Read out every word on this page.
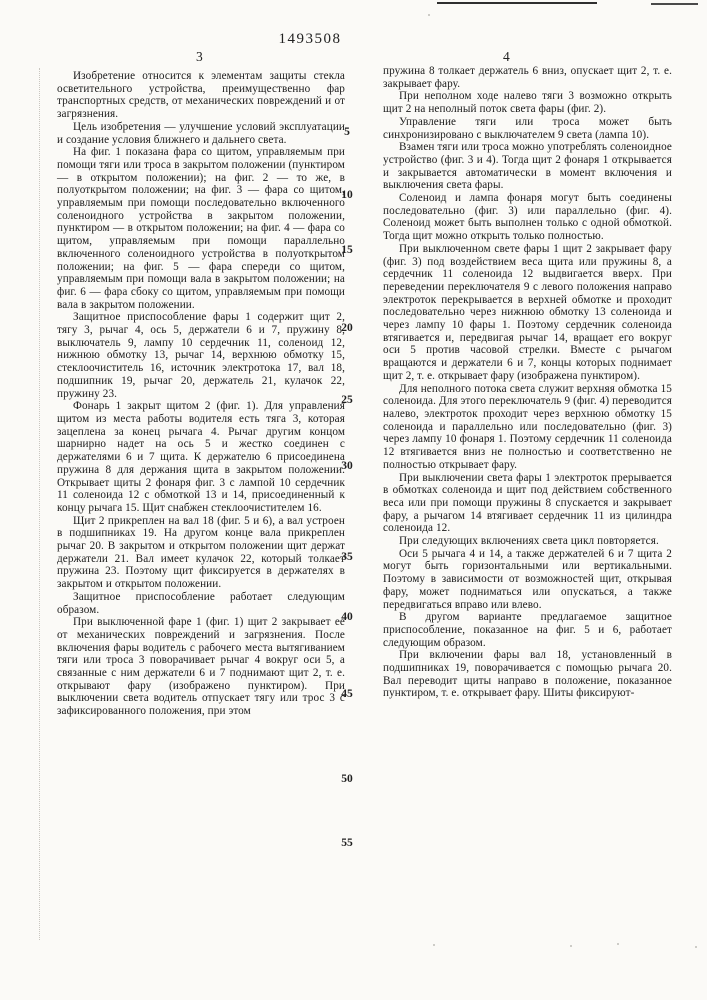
1493508
3	4

Изобретение относится к элементам защиты стекла осветительного устройства, преимущественно фар транспортных средств, от механических повреждений и от загрязнения.

Цель изобретения — улучшение условий эксплуатации и создание условия ближнего и дальнего света.

На фиг. 1 показана фара со щитом, управляемым при помощи тяги или троса в закрытом положении (пунктиром — в открытом положении); на фиг. 2 — то же, в полуоткрытом положении; на фиг. 3 — фара со щитом, управляемым при помощи последовательно включенного соленоидного устройства в закрытом положении, пунктиром — в открытом положении; на фиг. 4 — фара со щитом, управляемым при помощи параллельно включенного соленоидного устройства в полуоткрытом положении; на фиг. 5 — фара спереди со щитом, управляемым при помощи вала в закрытом положении; на фиг. 6 — фара сбоку со щитом, управляемым при помощи вала в закрытом положении.

Защитное приспособление фары 1 содержит щит 2, тягу 3, рычаг 4, ось 5, держатели 6 и 7, пружину 8, выключатель 9, лампу 10 сердечник 11, соленоид 12, нижнюю обмотку 13, рычаг 14, верхнюю обмотку 15, стеклоочиститель 16, источник электротока 17, вал 18, подшипник 19, рычаг 20, держатель 21, кулачок 22, пружину 23.

Фонарь 1 закрыт щитом 2 (фиг. 1). Для управления щитом из места работы водителя есть тяга 3, которая зацеплена за конец рычага 4. Рычаг другим концом шарнирно надет на ось 5 и жестко соединен с держателями 6 и 7 щита. К держателю 6 присоединена пружина 8 для держания щита в закрытом положении. Открывает щиты 2 фонаря фиг. 3 с лампой 10 сердечник 11 соленоида 12 с обмоткой 13 и 14, присоединенный к концу рычага 15. Щит снабжен стеклоочистителем 16.

Щит 2 прикреплен на вал 18 (фиг. 5 и 6), а вал устроен в подшипниках 19. На другом конце вала прикреплен рычаг 20. В закрытом и открытом положении щит держат держатели 21. Вал имеет кулачок 22, который толкает пружина 23. Поэтому щит фиксируется в держателях в закрытом и открытом положении.

Защитное приспособление работает следующим образом.

При выключенной фаре 1 (фиг. 1) щит 2 закрывает ее от механических повреждений и загрязнения. После включения фары водитель с рабочего места вытягиванием тяги или троса 3 поворачивает рычаг 4 вокруг оси 5, а связанные с ним держатели 6 и 7 поднимают щит 2, т. е. открывают фару (изображено пунктиром). При выключении света водитель отпускает тягу или трос 3 с зафиксированного положения, при этом

пружина 8 толкает держатель 6 вниз, опускает щит 2, т. е. закрывает фару.

При неполном ходе налево тяги 3 возможно открыть щит 2 на неполный поток света фары (фиг. 2).

Управление тяги или троса может быть синхронизировано с выключателем 9 света (лампа 10).

Взамен тяги или троса можно употреблять соленоидное устройство (фиг. 3 и 4). Тогда щит 2 фонаря 1 открывается и закрывается автоматически в момент включения и выключения света фары.

Соленоид и лампа фонаря могут быть соединены последовательно (фиг. 3) или параллельно (фиг. 4). Соленоид может быть выполнен только с одной обмоткой. Тогда щит можно открыть только полностью.

При выключенном свете фары 1 щит 2 закрывает фару (фиг. 3) под воздействием веса щита или пружины 8, а сердечник 11 соленоида 12 выдвигается вверх. При переведении переключателя 9 с левого положения направо электроток перекрывается в верхней обмотке и проходит последовательно через нижнюю обмотку 13 соленоида и через лампу 10 фары 1. Поэтому сердечник соленоида втягивается и, передвигая рычаг 14, вращает его вокруг оси 5 против часовой стрелки. Вместе с рычагом вращаются и держатели 6 и 7, концы которых поднимает щит 2, т. е. открывает фару (изображена пунктиром).

Для неполного потока света служит верхняя обмотка 15 соленоида. Для этого переключатель 9 (фиг. 4) переводится налево, электроток проходит через верхнюю обмотку 15 соленоида и параллельно или последовательно (фиг. 3) через лампу 10 фонаря 1. Поэтому сердечник 11 соленоида 12 втягивается вниз не полностью и соответственно не полностью открывает фару.

При выключении света фары 1 электроток прерывается в обмотках соленоида и щит под действием собственного веса или при помощи пружины 8 спускается и закрывает фару, а рычагом 14 втягивает сердечник 11 из цилиндра соленоида 12.

При следующих включениях света цикл повторяется.

Оси 5 рычага 4 и 14, а также держателей 6 и 7 щита 2 могут быть горизонтальными или вертикальными. Поэтому в зависимости от возможностей щит, открывая фару, может подниматься или опускаться, а также передвигаться вправо или влево.

В другом варианте предлагаемое защитное приспособление, показанное на фиг. 5 и 6, работает следующим образом.

При включении фары вал 18, установленный в подшипниках 19, поворачивается с помощью рычага 20. Вал переводит щиты направо в положение, показанное пунктиром, т. е. открывает фару. Шиты фиксируют-

5
10
15
20
25
30
35
40
45
50
55
